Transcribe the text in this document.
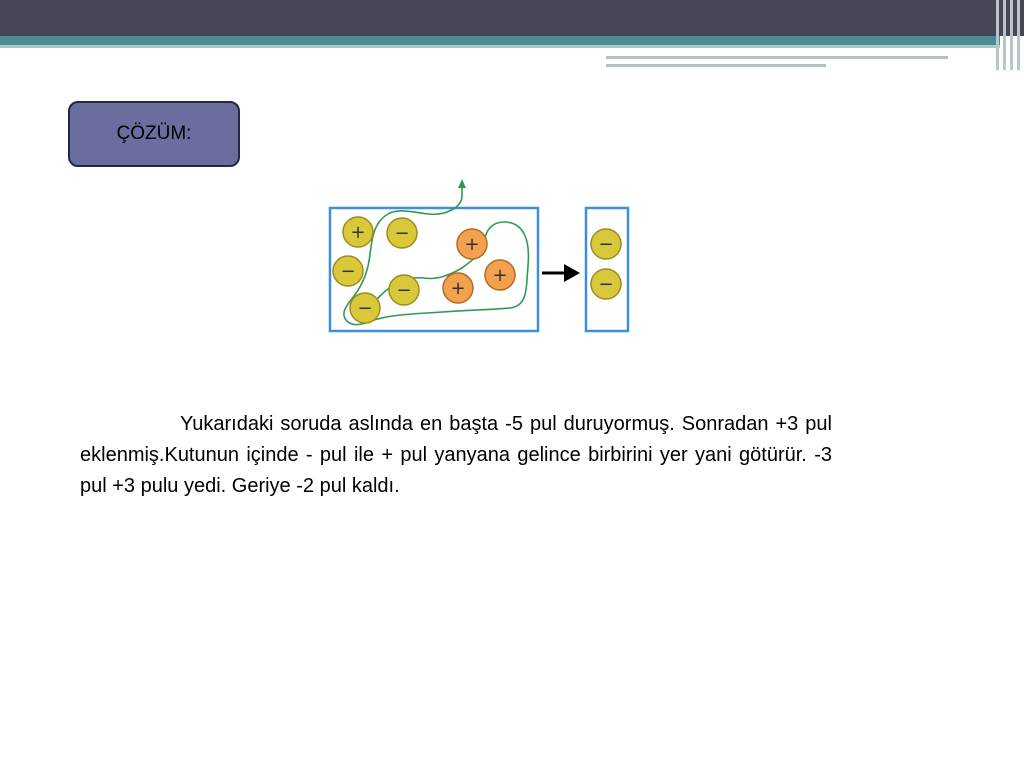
ÇÖZÜM:
+ −
+
−	+
− +
−
−
−

Yukarıdaki soruda aslında en başta -5 pul duruyormuş. Sonradan +3 pul eklenmiş.Kutunun içinde - pul ile + pul yanyana gelince birbirini yer yani götürür. -3 pul +3 pulu yedi. Geriye -2 pul kaldı.
